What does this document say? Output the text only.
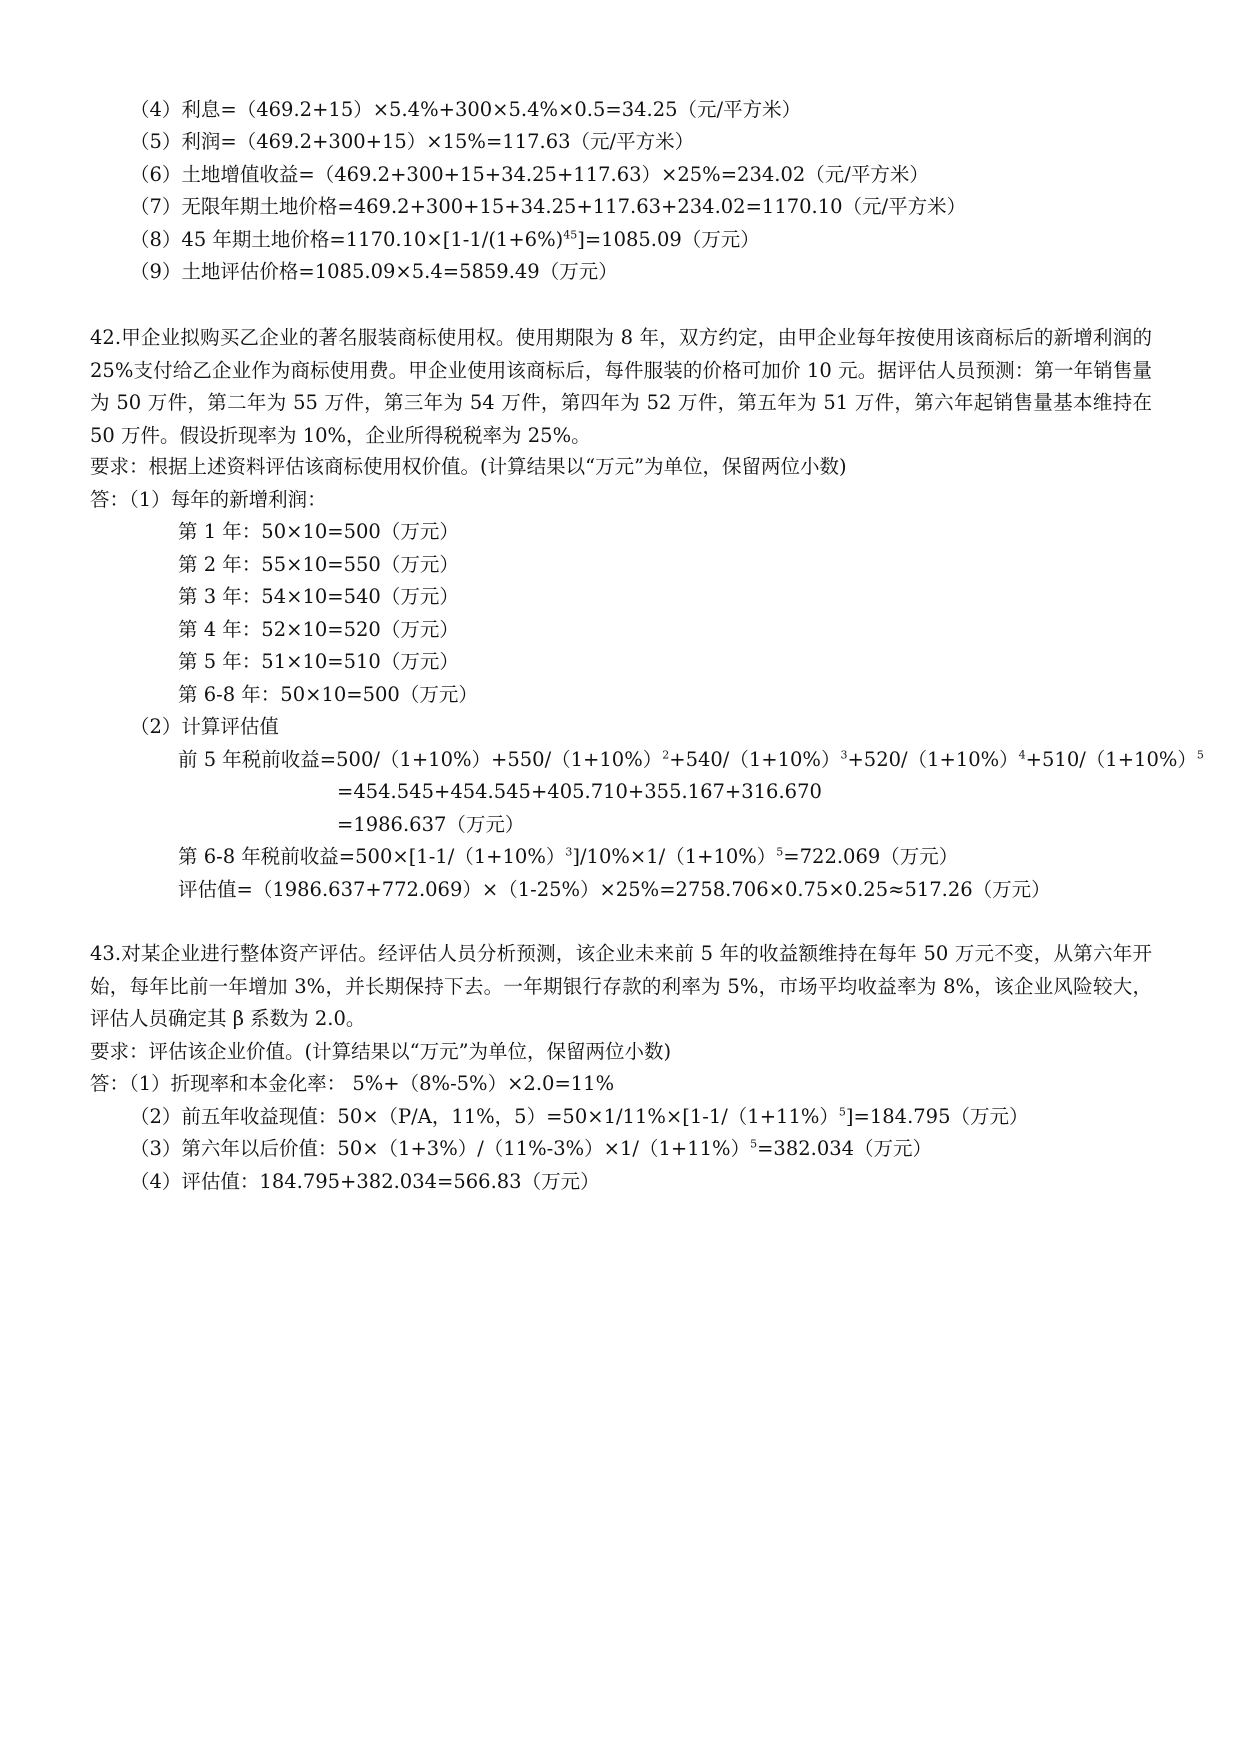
（4）利息=（469.2+15）×5.4%+300×5.4%×0.5=34.25（元/平方米）
（5）利润=（469.2+300+15）×15%=117.63（元/平方米）
（6）土地增值收益=（469.2+300+15+34.25+117.63）×25%=234.02（元/平方米）
（7）无限年期土地价格=469.2+300+15+34.25+117.63+234.02=1170.10（元/平方米）
（8）45 年期土地价格$=1170.10\times[1-1/(1+6\%)^{45}]=1085.09$（万元）
（9）土地评估价格=1085.09×5.4=5859.49（万元）
42.甲企业拟购买乙企业的著名服装商标使用权。使用期限为 8 年，双方约定，由甲企业每年按使用该商标后的新增利润的 25%支付给乙企业作为商标使用费。甲企业使用该商标后，每件服装的价格可加价 10 元。据评估人员预测：第一年销售量为 50 万件，第二年为 55 万件，第三年为 54 万件，第四年为 52 万件，第五年为 51 万件，第六年起销售量基本维持在 50 万件。假设折现率为 10%，企业所得税税率为 25%。
要求：根据上述资料评估该商标使用权价值。(计算结果以“万元”为单位，保留两位小数)
答：（1）每年的新增利润：
第 1 年：50×10=500（万元）
第 2 年：55×10=550（万元）
第 3 年：54×10=540（万元）
第 4 年：52×10=520（万元）
第 5 年：51×10=510（万元）
第 6-8 年：50×10=500（万元）
（2）计算评估值
前 5 年税前收益$=500/(1+10\%)+550/(1+10\%)^2+540/(1+10\%)^3+520/(1+10\%)^4+510/(1+10\%)^5$
=454.545+454.545+405.710+355.167+316.670
=1986.637（万元）
第 6-8 年税前收益$=500\times[1-1/(1+10\%)^3]/10\%\times 1/(1+10\%)^5=722.069$（万元）
评估值=（1986.637+772.069）×（1-25%）×25%=2758.706×0.75×0.25≈517.26（万元）
43.对某企业进行整体资产评估。经评估人员分析预测，该企业未来前 5 年的收益额维持在每年 50 万元不变，从第六年开始，每年比前一年增加 3%，并长期保持下去。一年期银行存款的利率为 5%，市场平均收益率为 8%，该企业风险较大，评估人员确定其 β 系数为 2.0。
要求：评估该企业价值。(计算结果以“万元”为单位，保留两位小数)
答：（1）折现率和本金化率： 5%+（8%-5%）×2.0=11%
（2）前五年收益现值：50×（P/A，11%，$5)=50\times 1/11\%\times[1-1/(1+11\%)^5]=184.795$（万元）
（3）第六年以后价值：$50\times(1+3\%)/(11\%-3\%)\times 1/(1+11\%)^5=382.034$（万元）
（4）评估值：184.795+382.034=566.83（万元）
